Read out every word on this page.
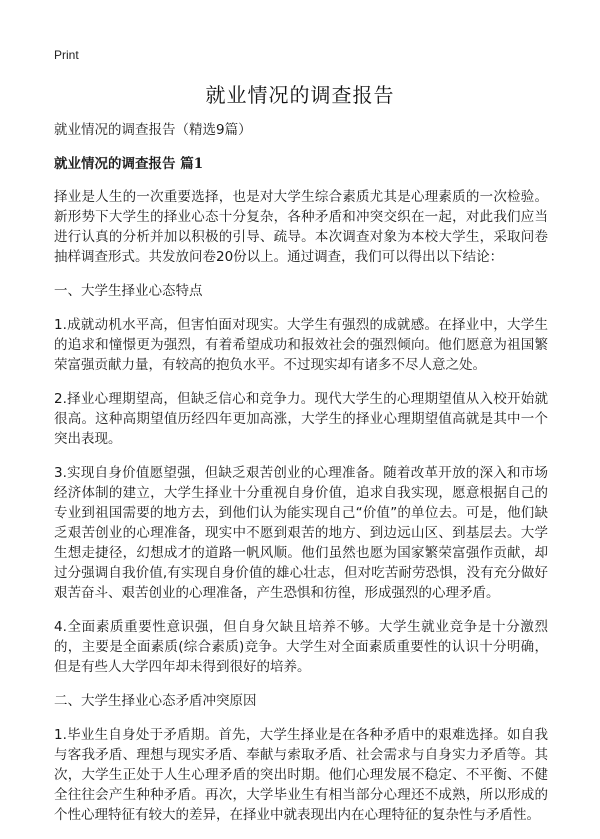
Print
就业情况的调查报告

就业情况的调查报告（精选9篇）

就业情况的调查报告 篇1

择业是人生的一次重要选择，也是对大学生综合素质尤其是心理素质的一次检验。新形势下大学生的择业心态十分复杂，各种矛盾和冲突交织在一起，对此我们应当进行认真的分析并加以积极的引导、疏导。本次调查对象为本校大学生，采取问卷抽样调查形式。共发放问卷20份以上。通过调查，我们可以得出以下结论：

一、大学生择业心态特点

1.成就动机水平高，但害怕面对现实。大学生有强烈的成就感。在择业中，大学生的追求和憧憬更为强烈，有着希望成功和报效社会的强烈倾向。他们愿意为祖国繁荣富强贡献力量，有较高的抱负水平。不过现实却有诸多不尽人意之处。

2.择业心理期望高，但缺乏信心和竞争力。现代大学生的心理期望值从入校开始就很高。这种高期望值历经四年更加高涨，大学生的择业心理期望值高就是其中一个突出表现。

3.实现自身价值愿望强，但缺乏艰苦创业的心理准备。随着改革开放的深入和市场经济体制的建立，大学生择业十分重视自身价值，追求自我实现，愿意根据自己的专业到祖国需要的地方去，到他们认为能实现自己“价值”的单位去。可是，他们缺乏艰苦创业的心理准备，现实中不愿到艰苦的地方、到边远山区、到基层去。大学生想走捷径，幻想成才的道路一帆风顺。他们虽然也愿为国家繁荣富强作贡献，却过分强调自我价值,有实现自身价值的雄心壮志，但对吃苦耐劳恐惧，没有充分做好艰苦奋斗、艰苦创业的心理准备，产生恐惧和彷徨，形成强烈的心理矛盾。

4.全面素质重要性意识强，但自身欠缺且培养不够。大学生就业竞争是十分激烈的，主要是全面素质(综合素质)竞争。大学生对全面素质重要性的认识十分明确，但是有些人大学四年却未得到很好的培养。

二、大学生择业心态矛盾冲突原因

1.毕业生自身处于矛盾期。首先，大学生择业是在各种矛盾中的艰难选择。如自我与客我矛盾、理想与现实矛盾、奉献与索取矛盾、社会需求与自身实力矛盾等。其次，大学生正处于人生心理矛盾的突出时期。他们心理发展不稳定、不平衡、不健全往往会产生种种矛盾。再次，大学毕业生有相当部分心理还不成熟，所以形成的个性心理特征有较大的差异，在择业中就表现出内在心理特征的复杂性与矛盾性。
